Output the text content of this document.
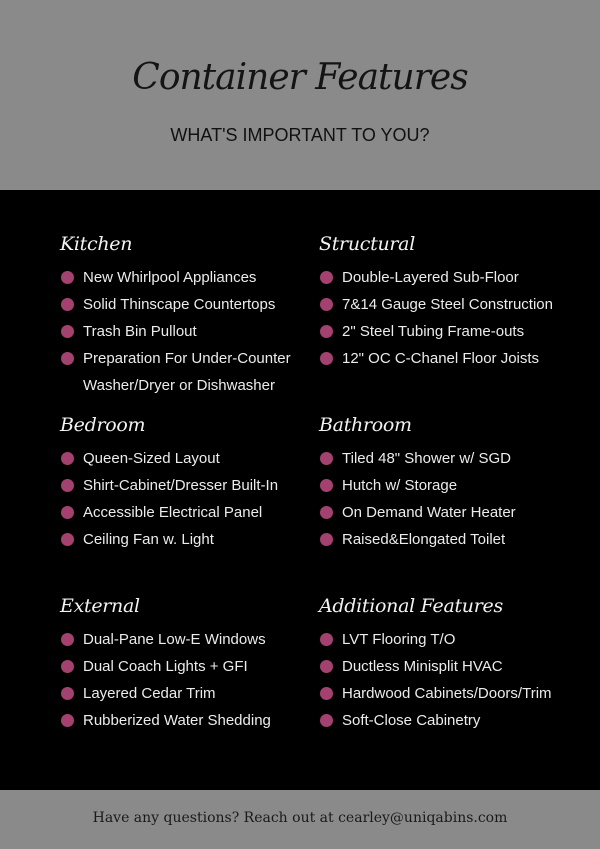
Container Features
WHAT'S IMPORTANT TO YOU?
Kitchen
New Whirlpool Appliances
Solid Thinscape Countertops
Trash Bin Pullout
Preparation For Under-Counter Washer/Dryer or Dishwasher
Structural
Double-Layered Sub-Floor
7&14 Gauge Steel Construction
2" Steel Tubing Frame-outs
12" OC C-Chanel Floor Joists
Bedroom
Queen-Sized Layout
Shirt-Cabinet/Dresser Built-In
Accessible Electrical Panel
Ceiling Fan w. Light
Bathroom
Tiled 48" Shower w/ SGD
Hutch w/ Storage
On Demand Water Heater
Raised&Elongated Toilet
External
Dual-Pane Low-E Windows
Dual Coach Lights + GFI
Layered Cedar Trim
Rubberized Water Shedding
Additional Features
LVT Flooring T/O
Ductless Minisplit HVAC
Hardwood Cabinets/Doors/Trim
Soft-Close Cabinetry
Have any questions? Reach out at cearley@uniqabins.com
